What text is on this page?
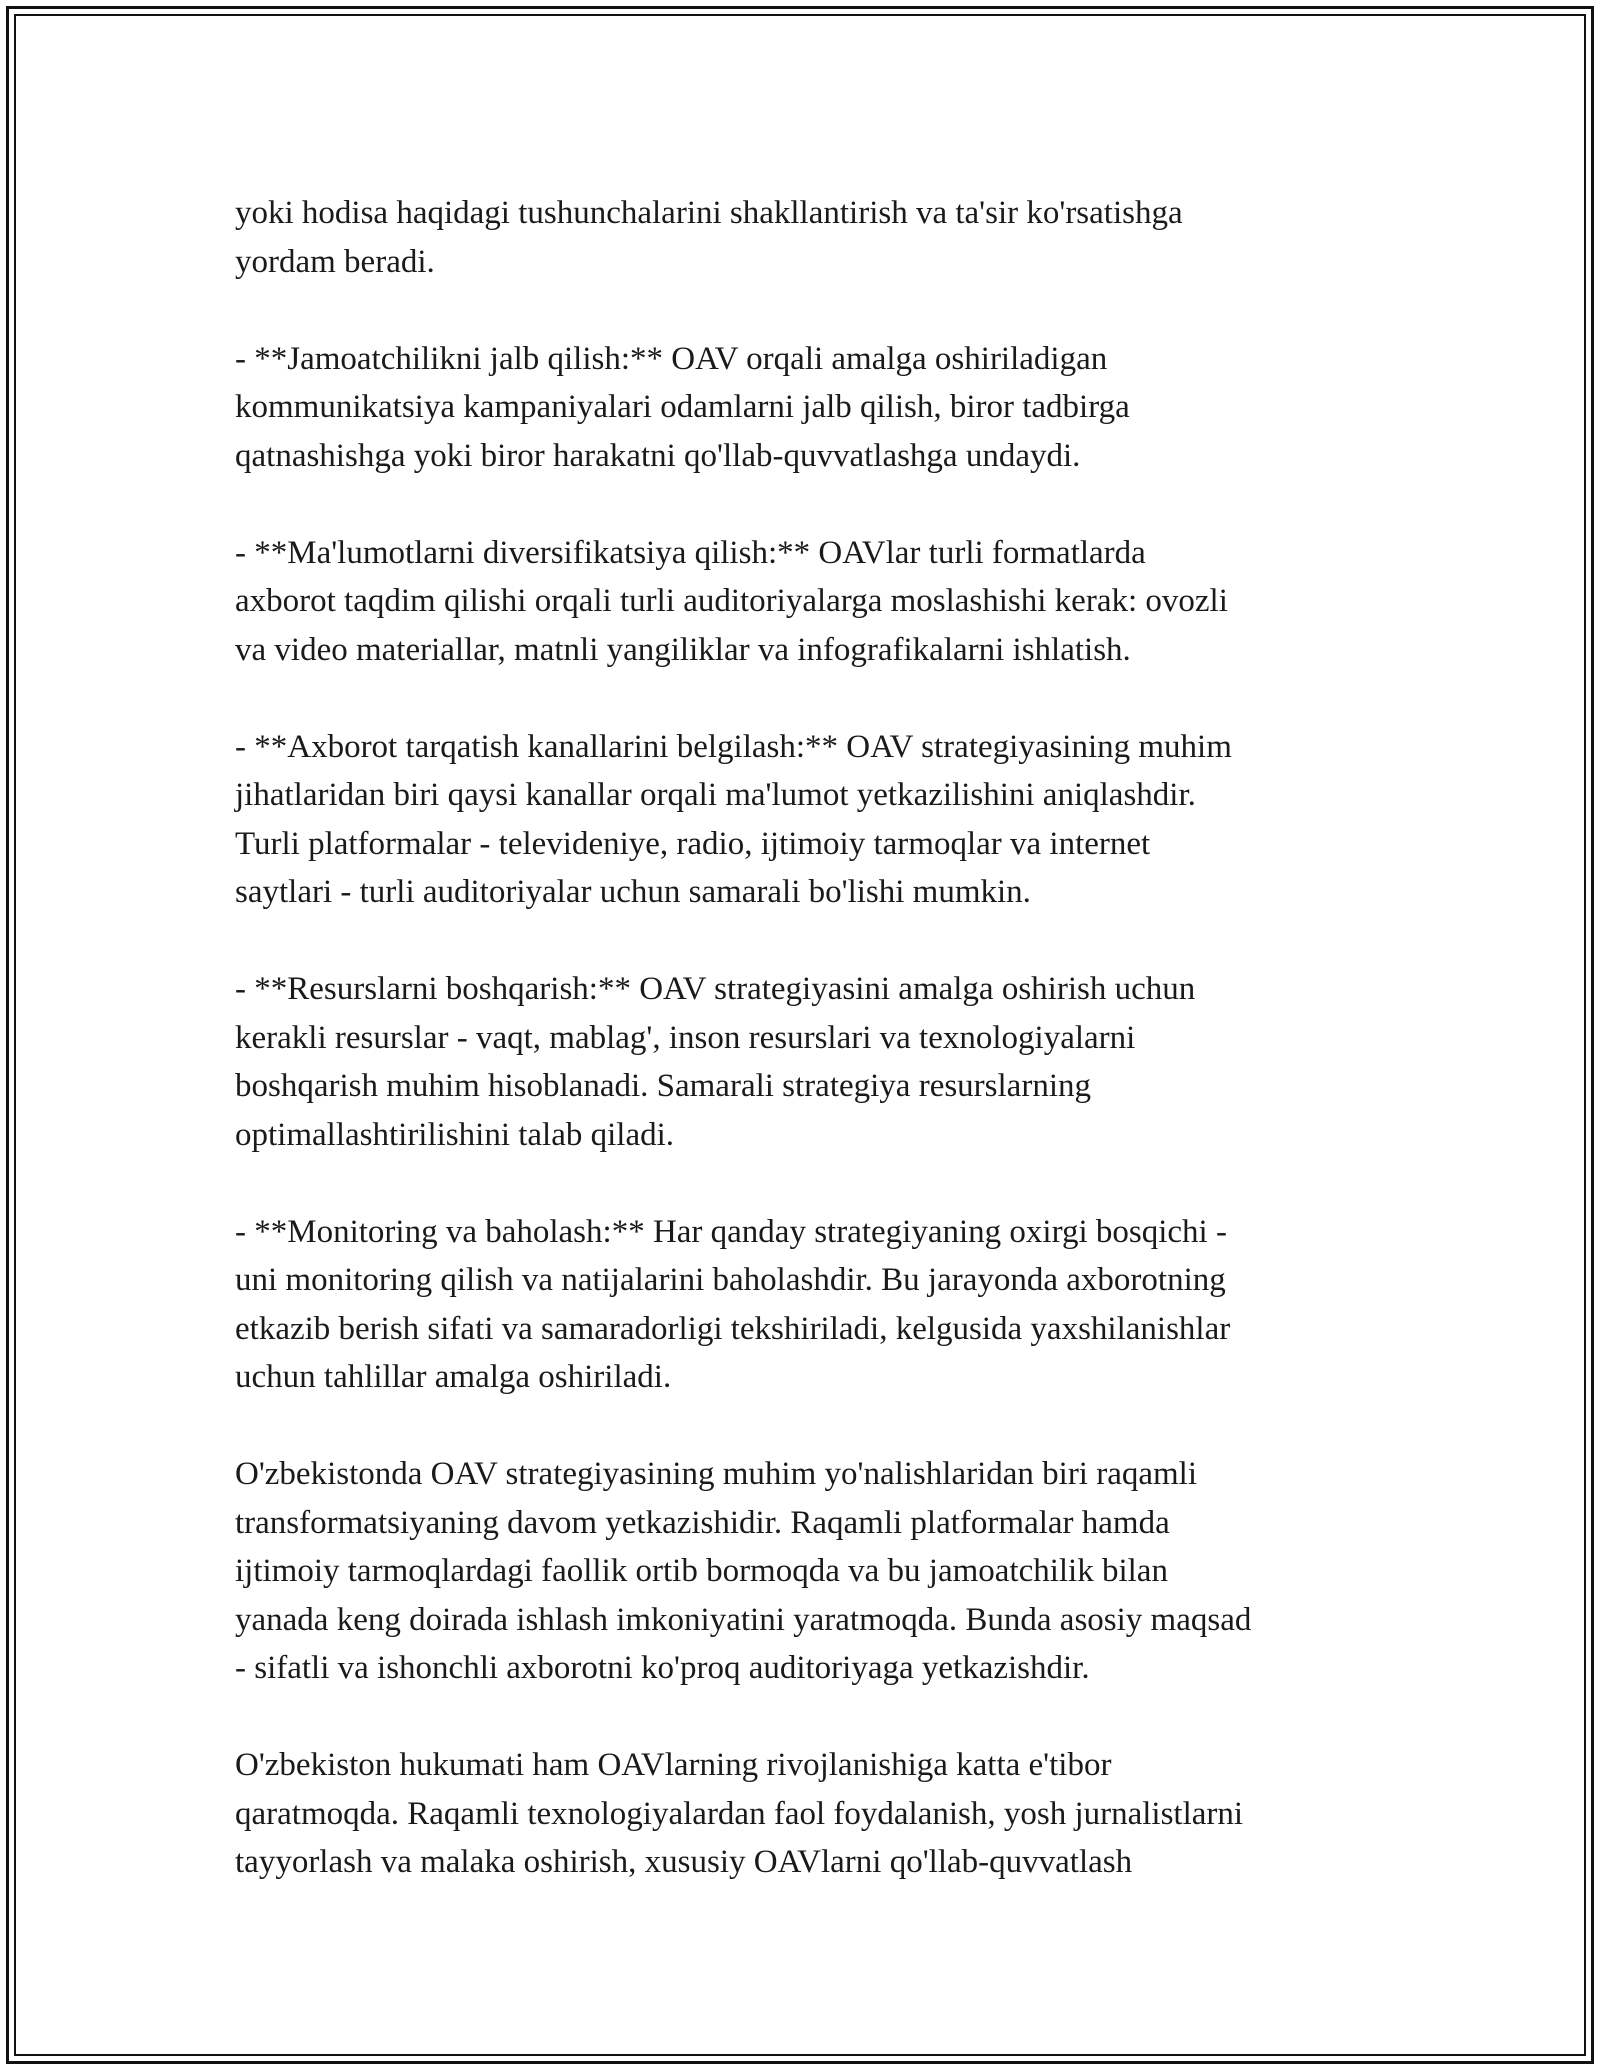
yoki hodisa haqidagi tushunchalarini shakllantirish va ta'sir ko'rsatishga
yordam beradi.

- **Jamoatchilikni jalb qilish:** OAV orqali amalga oshiriladigan
kommunikatsiya kampaniyalari odamlarni jalb qilish, biror tadbirga
qatnashishga yoki biror harakatni qo'llab-quvvatlashga undaydi.

- **Ma'lumotlarni diversifikatsiya qilish:** OAVlar turli formatlarda
axborot taqdim qilishi orqali turli auditoriyalarga moslashishi kerak: ovozli
va video materiallar, matnli yangiliklar va infografikalarni ishlatish.

- **Axborot tarqatish kanallarini belgilash:** OAV strategiyasining muhim
jihatlaridan biri qaysi kanallar orqali ma'lumot yetkazilishini aniqlashdir.
Turli platformalar - televideniye, radio, ijtimoiy tarmoqlar va internet
saytlari - turli auditoriyalar uchun samarali bo'lishi mumkin.

- **Resurslarni boshqarish:** OAV strategiyasini amalga oshirish uchun
kerakli resurslar - vaqt, mablag', inson resurslari va texnologiyalarni
boshqarish muhim hisoblanadi. Samarali strategiya resurslarning
optimallashtirilishini talab qiladi.

- **Monitoring va baholash:** Har qanday strategiyaning oxirgi bosqichi -
uni monitoring qilish va natijalarini baholashdir. Bu jarayonda axborotning
etkazib berish sifati va samaradorligi tekshiriladi, kelgusida yaxshilanishlar
uchun tahlillar amalga oshiriladi.

O'zbekistonda OAV strategiyasining muhim yo'nalishlaridan biri raqamli
transformatsiyaning davom yetkazishidir. Raqamli platformalar hamda
ijtimoiy tarmoqlardagi faollik ortib bormoqda va bu jamoatchilik bilan
yanada keng doirada ishlash imkoniyatini yaratmoqda. Bunda asosiy maqsad
- sifatli va ishonchli axborotni ko'proq auditoriyaga yetkazishdir.

O'zbekiston hukumati ham OAVlarning rivojlanishiga katta e'tibor
qaratmoqda. Raqamli texnologiyalardan faol foydalanish, yosh jurnalistlarni
tayyorlash va malaka oshirish, xususiy OAVlarni qo'llab-quvvatlash
